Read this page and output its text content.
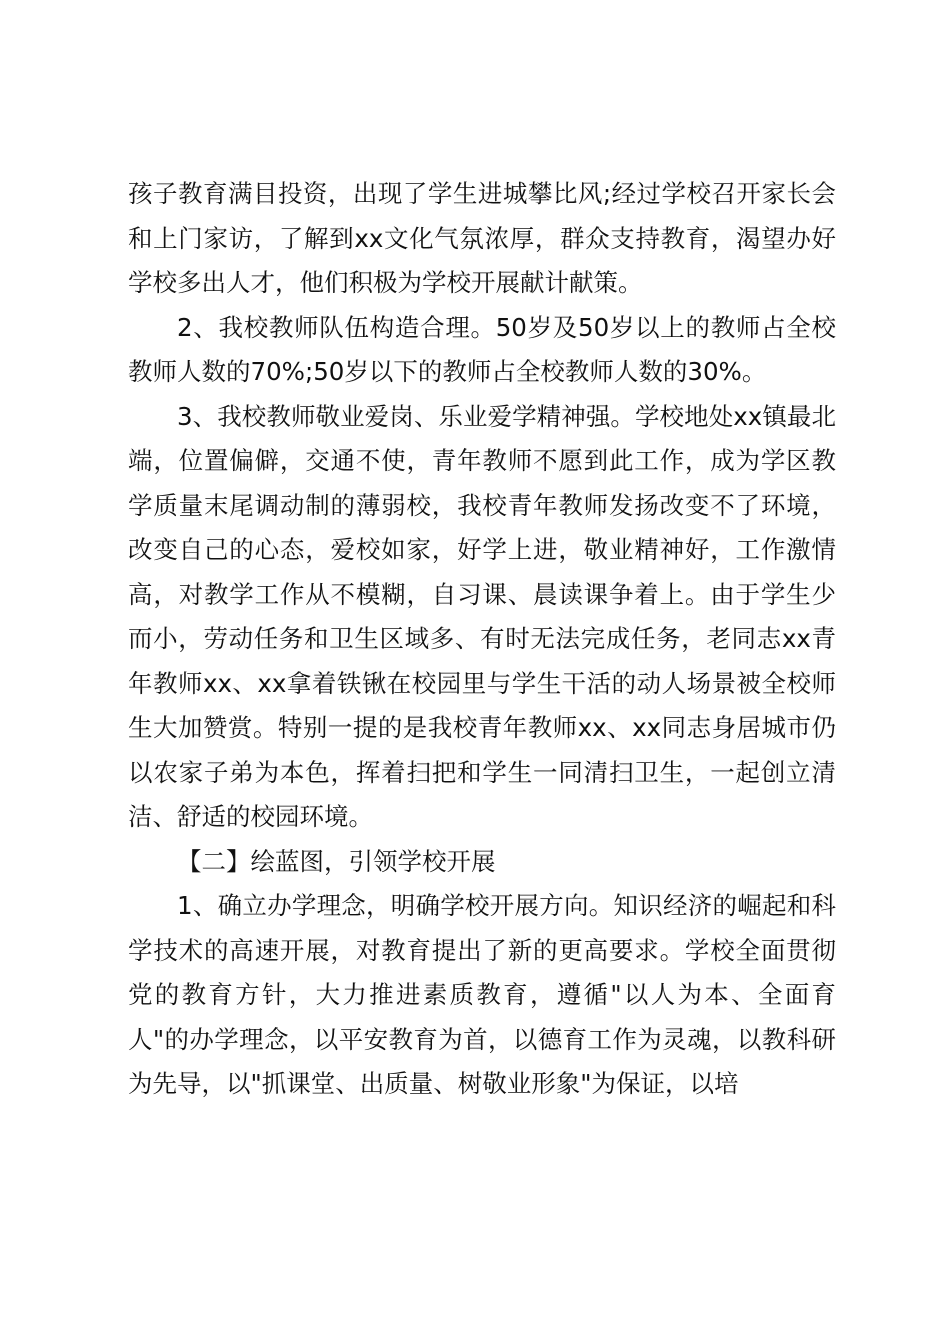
孩子教育满目投资，出现了学生进城攀比风;经过学校召开家长会和上门家访，了解到xx文化气氛浓厚，群众支持教育，渴望办好学校多出人才，他们积极为学校开展献计献策。

2、我校教师队伍构造合理。50岁及50岁以上的教师占全校教师人数的70%;50岁以下的教师占全校教师人数的30%。

3、我校教师敬业爱岗、乐业爱学精神强。学校地处xx镇最北端，位置偏僻，交通不使，青年教师不愿到此工作，成为学区教学质量末尾调动制的薄弱校，我校青年教师发扬改变不了环境，改变自己的心态，爱校如家，好学上进，敬业精神好，工作激情高，对教学工作从不模糊，自习课、晨读课争着上。由于学生少而小，劳动任务和卫生区域多、有时无法完成任务，老同志xx青年教师xx、xx拿着铁锹在校园里与学生干活的动人场景被全校师生大加赞赏。特别一提的是我校青年教师xx、xx同志身居城市仍以农家子弟为本色，挥着扫把和学生一同清扫卫生，一起创立清洁、舒适的校园环境。

【二】绘蓝图，引领学校开展

1、确立办学理念，明确学校开展方向。知识经济的崛起和科学技术的高速开展，对教育提出了新的更高要求。学校全面贯彻党的教育方针，大力推进素质教育，遵循"以人为本、全面育人"的办学理念，以平安教育为首，以德育工作为灵魂，以教科研为先导，以"抓课堂、出质量、树敬业形象"为保证，以培
